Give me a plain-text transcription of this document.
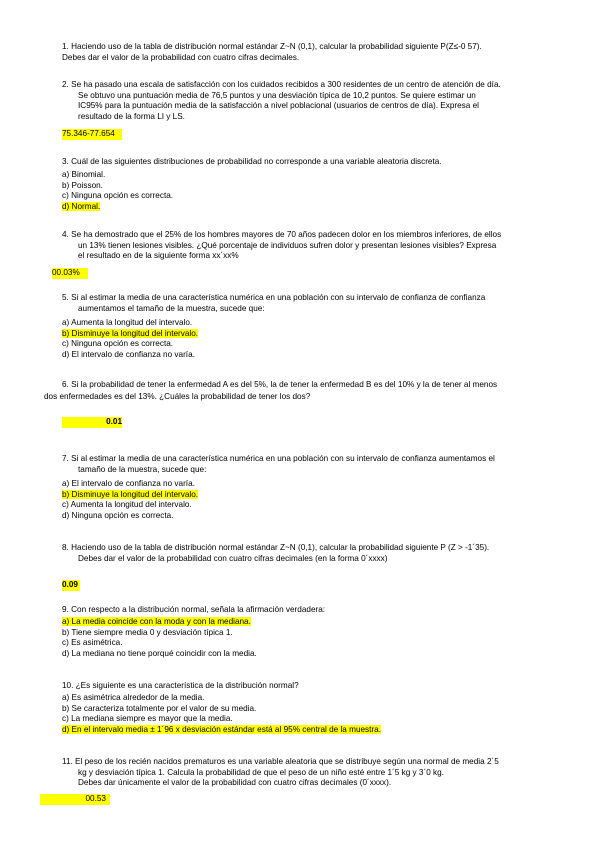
1. Haciendo uso de la tabla de distribución normal estándar Z~N (0,1), calcular la probabilidad siguiente P(Z≤-0 57).
Debes dar el valor de la probabilidad con cuatro cifras decimales.
2. Se ha pasado una escala de satisfacción con los cuidados recibidos a 300 residentes de un centro de atención de día.
Se obtuvo una puntuación media de 76,5 puntos y una desviación típica de 10,2 puntos. Se quiere estimar un
IC95% para la puntuación media de la satisfacción a nivel poblacional (usuarios de centros de día). Expresa el
resultado de la forma LI y LS.
75.346-77.654
3. Cuál de las siguientes distribuciones de probabilidad no corresponde a una variable aleatoria discreta.
a) Binomial.
b) Poisson.
c) Ninguna opción es correcta.
d) Normal.
4. Se ha demostrado que el 25% de los hombres mayores de 70 años padecen dolor en los miembros inferiores, de ellos
un 13% tienen lesiones visibles. ¿Qué porcentaje de individuos sufren dolor y presentan lesiones visibles? Expresa
el resultado en de la siguiente forma xx´xx%
00.03%
5. Si al estimar la media de una característica numérica en una población con su intervalo de confianza de confianza
aumentamos el tamaño de la muestra, sucede que:
a) Aumenta la longitud del intervalo.
b) Disminuye la longitud del intervalo.
c) Ninguna opción es correcta.
d) El intervalo de confianza no varía.
6. Si la probabilidad de tener la enfermedad A es del 5%, la de tener la enfermedad B es del 10% y la de tener al menos
dos enfermedades es del 13%. ¿Cuáles la probabilidad de tener los dos?
0.01
7. Si al estimar la media de una característica numérica en una población con su intervalo de confianza aumentamos el
tamaño de la muestra, sucede que:
a) El intervalo de confianza no varía.
b) Disminuye la longitud del intervalo.
c) Aumenta la longitud del intervalo.
d) Ninguna opción es correcta.
8. Haciendo uso de la tabla de distribución normal estándar Z~N (0,1), calcular la probabilidad siguiente P (Z > -1´35).
Debes dar el valor de la probabilidad con cuatro cifras decimales (en la forma 0´xxxx)
0.09
9. Con respecto a la distribución normal, señala la afirmación verdadera:
a) La media coincide con la moda y con la mediana.
b) Tiene siempre media 0 y desviación típica 1.
c) Es asimétrica.
d) La mediana no tiene porqué coincidir con la media.
10. ¿Es siguiente es una característica de la distribución normal?
a) Es asimétrica alrededor de la media.
b) Se caracteriza totalmente por el valor de su media.
c) La mediana siempre es mayor que la media.
d) En el intervalo media ± 1´96 x desviación estándar está al 95% central de la muestra.
11. El peso de los recién nacidos prematuros es una variable aleatoria que se distribuye según una normal de media 2´5
kg y desviación típica 1. Calcula la probabilidad de que el peso de un niño esté entre 1´5 kg y 3´0 kg.
Debes dar únicamente el valor de la probabilidad con cuatro cifras decimales (0´xxxx).
00.53
